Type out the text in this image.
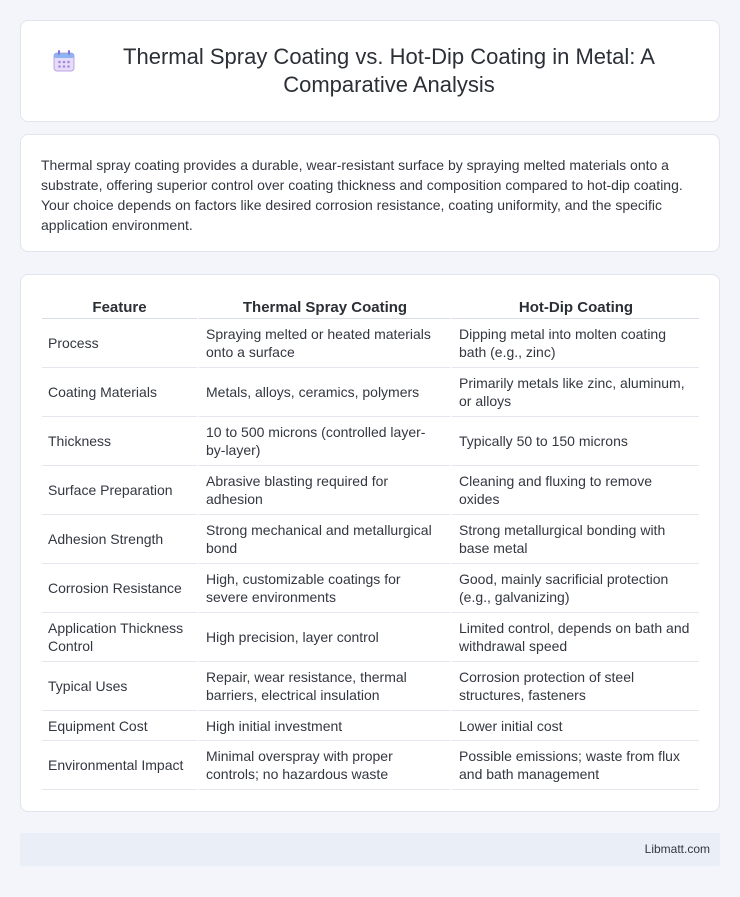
Thermal Spray Coating vs. Hot-Dip Coating in Metal: A Comparative Analysis

Thermal spray coating provides a durable, wear-resistant surface by spraying melted materials onto a substrate, offering superior control over coating thickness and composition compared to hot-dip coating. Your choice depends on factors like desired corrosion resistance, coating uniformity, and the specific application environment.

Feature	Thermal Spray Coating	Hot-Dip Coating
Process	Spraying melted or heated materials onto a surface	Dipping metal into molten coating bath (e.g., zinc)
Coating Materials	Metals, alloys, ceramics, polymers	Primarily metals like zinc, aluminum, or alloys
Thickness	10 to 500 microns (controlled layer-by-layer)	Typically 50 to 150 microns
Surface Preparation	Abrasive blasting required for adhesion	Cleaning and fluxing to remove oxides
Adhesion Strength	Strong mechanical and metallurgical bond	Strong metallurgical bonding with base metal
Corrosion Resistance	High, customizable coatings for severe environments	Good, mainly sacrificial protection (e.g., galvanizing)
Application Thickness Control	High precision, layer control	Limited control, depends on bath and withdrawal speed
Typical Uses	Repair, wear resistance, thermal barriers, electrical insulation	Corrosion protection of steel structures, fasteners
Equipment Cost	High initial investment	Lower initial cost
Environmental Impact	Minimal overspray with proper controls; no hazardous waste	Possible emissions; waste from flux and bath management
Libmatt.com
